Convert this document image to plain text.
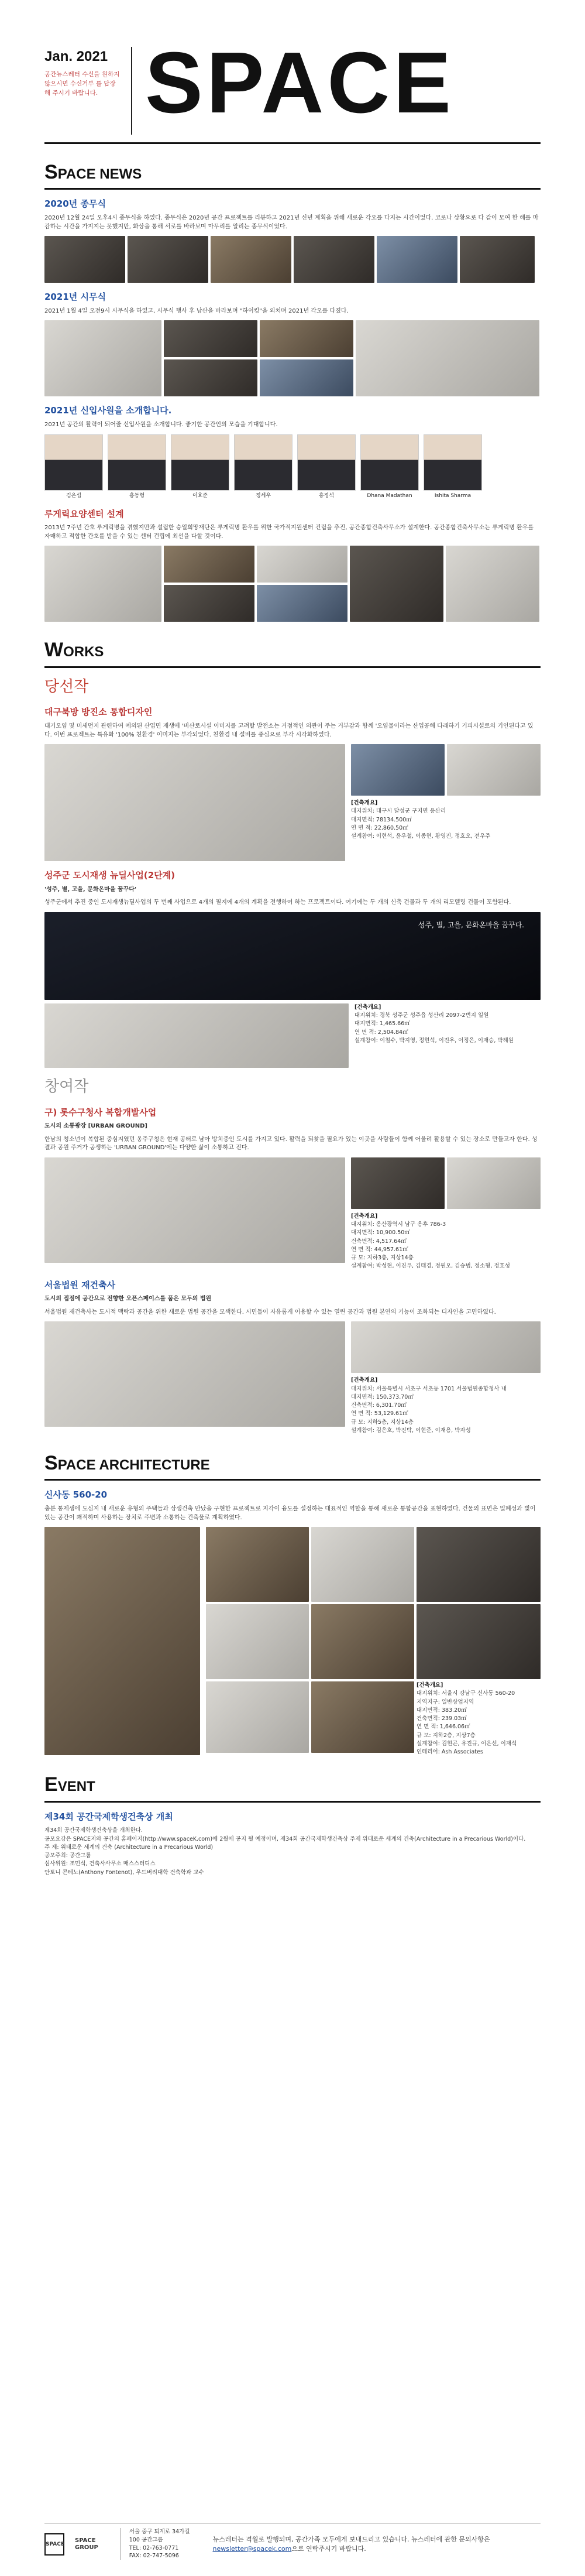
Jan. 2021
공간뉴스레터 수신을 원하지 않으시면 수신거부 를 답장 해 주시기 바랍니다. SPACE
SPACE NEWS
2020년 종무식

2020년 12월 24일 오후4시 종무식을 하였다. 종무식은 2020년 공간 프로젝트를 리뷰하고 2021년 신년 계획을 위해 새로운 각오를 다지는 시간이었다. 코로나 상황으로 다 같이 모여 한 해를 마감하는 시간을 가지지는 못했지만, 화상을 통해 서로를 바라보며 마무리를 알리는 종무식이었다.

2021년 시무식

2021년 1월 4일 오전9시 시무식을 하였고, 시무식 행사 후 남산을 바라보며 "하이킹"을 외치며 2021년 각오를 다졌다.

2021년 신입사원을 소개합니다.

2021년 공간의 활력이 되어줄 신입사원을 소개합니다. 좋기한 공간인의 모습을 기대합니다.

김은섭	홍동형	이효준	정세우	홍정석	Dhana Madathan	Ishita Sharma
루게릭요양센터 설계

2013년 7주년 간호 루게릭병을 겪했지만과 설립한 승일희망재단은 루게릭병 환우를 위한 국가적지원센터 건립을 추진, 공간종합건축사무소가 설계한다. 공간종합건축사무소는 루게릭병 환우를 자매하고 적합한 간호를 받을 수 있는 센터 건립에 최선을 다할 것이다.

WORKS
당선작
대구북방 방진소 통합디자인

대기오염 및 미세먼지 관련하여 예외된 산업면 재생에 '비산로시설 이미지를 고려할 발전소는 거점적인 외관이 주는 거부감과 함께 '오염물이라는 산업공해 다래하기 기피시설로의 기인된다고 있다. 이번 프로젝트는 특유화 '100% 친환경' 이미지는 부각되었다. 친환경 내 설비를 중심으로 부각 시각화하였다.

[건축개요]
대지위치: 대구시 달성군 구지면 응산리
대지면적: 78134.500㎡
연 면 적: 22,860.50㎡
설계참여: 이현석, 윤우철, 이종현, 황영진, 정호오, 전우주
성주군 도시재생 뉴딜사업(2단계)

'성주, 별, 고을, 문화온마을 꿈꾸다'

성주군에서 추진 중인 도시재생뉴딜사업의 두 번째 사업으로 4개의 필지에 4개의 계획을 전행하여 하는 프로젝트이다. 여기에는 두 개의 신축 건물과 두 개의 리모델링 건물이 포함된다.

성주, 별, 고을, 문화온마을 꿈꾸다.
[건축개요]
대지위치: 경북 성주군 성주읍 성산리 2097-2번지 일원
대지면적: 1,465.66㎡
연 면 적: 2,504.84㎡
설계참여: 이철수, 박지영, 정현석, 이진우, 이정은, 이재승, 박해원
창여작
구) 롯수구청사 복합개발사업

도시의 소통광장 [URBAN GROUND]

한남의 청소년이 복합된 중심지였던 옹주구청은 현재 공터로 남아 방치중인 도시를 가지고 있다. 활력을 되찾을 필요가 있는 이곳을 사람들이 함께 어울려 활용할 수 있는 장소로 만들고자 한다. 성결과 공원 주거가 공생하는 'URBAN GROUND'에는 다양한 삶이 소통하고 진다.

[건축개요]
대지위치: 옹산광역시 남구 옹후 786-3
대지면적: 10,900.50㎡
건축면적: 4,517.64㎡
연 면 적: 44,957.61㎡
규 모: 지하3층, 지상14층
설계참여: 박성현, 이진우, 김태경, 정원오, 김승범, 정소형, 정호성
서울법원 재건축사

도시의 접점에 공간으로 전향한 오픈스페이스를 품은 모두의 법원

서울법원 재건축사는 도시적 맥락과 공간을 위한 새로운 법원 공간을 모색한다. 시민들이 자유롭게 이용할 수 있는 열린 공간과 법원 본연의 기능이 조화되는 디자인을 고민하였다.

[건축개요]
대지위치: 서울특별시 서초구 서초동 1701 서울법원종합청사 내
대지면적: 150,373.70㎡
건축면적: 6,301.70㎡
연 면 적: 53,129.61㎡
규 모: 지하5층, 지상14층
설계참여: 김은호, 박진탁, 이현준, 이재용, 박자성
SPACE ARCHITECTURE
신사동 560-20

충분 통제생에 도심지 내 새로운 유형의 주택들과 상생건축 만났을 구현한 프로젝트로 지각이 융도를 설정하는 대표적인 역할을 통해 새로운 통합공간을 표현하였다. 건물의 표면은 밀폐성과 빛이 있는 공간이 쾌적하며 사용하는 장치로 주변과 소통하는 건축물로 계획하였다.

[건축개요]
대지위치: 서울시 강남구 신사동 560-20
지역지구: 일반상업지역
대지면적: 383.20㎡
건축면적: 239.03㎡
연 면 적: 1,646.06㎡
규 모: 지하2층, 지상7층
설계참여: 김현곤, 유진규, 이은선, 이재석
인테리어: Ash Associates
EVENT
제34회 공간국제학생건축상 개최
제34회 공간국제학생건축상을 개최한다.
공모요강은 SPACE지와 공간의 홈페이지(http://www.spaceK.com)에 2월에 공지 될 예정이며, 제34회 공간국제학생건축상 주제 위태로운 세계의 건축(Architecture in a Precarious World)이다.
주 제: 위태로운 세계의 건축 (Architecture in a Precarious World)
공모주최: 공간그룹
심사위원: 조민석, 건축사사무소 매스스터디스
안토니 콘테노(Anthony Fontenot), 우드버리대학 건축학과 교수
SPACE
SPACE GROUP
서울 중구 퇴계로 34가길 100 공간그룹
TEL: 02-763-0771
FAX: 02-747-5096
뉴스레터는 격월로 발행되며, 공간가족 모두에게 보내드리고 있습니다. 뉴스레터에 관한 문의사항은 newsletter@spacek.com으로 연락주시기 바랍니다.
